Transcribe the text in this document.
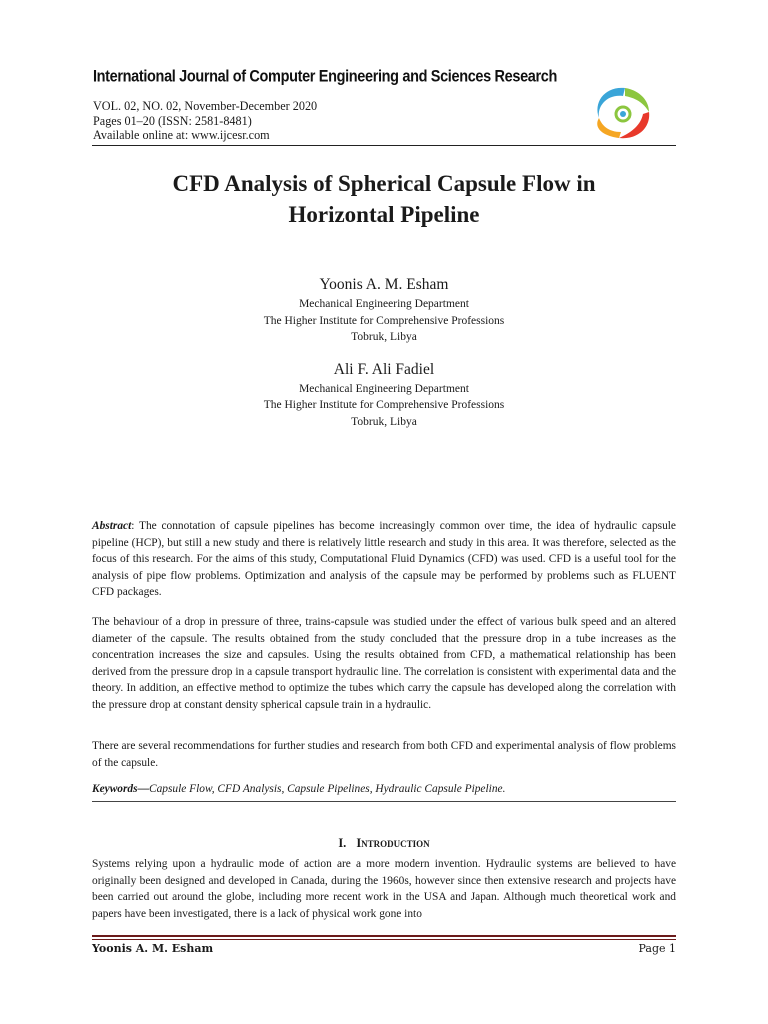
International Journal of Computer Engineering and Sciences Research
VOL. 02, NO. 02, November-December 2020
Pages 01‒20 (ISSN: 2581-8481)
Available online at: www.ijcesr.com
CFD Analysis of Spherical Capsule Flow in
Horizontal Pipeline
Yoonis A. M. Esham
Mechanical Engineering Department
The Higher Institute for Comprehensive Professions
Tobruk, Libya
Ali F. Ali Fadiel
Mechanical Engineering Department
The Higher Institute for Comprehensive Professions
Tobruk, Libya
Abstract: The connotation of capsule pipelines has become increasingly common over time, the idea of hydraulic capsule pipeline (HCP), but still a new study and there is relatively little research and study in this area. It was therefore, selected as the focus of this research. For the aims of this study, Computational Fluid Dynamics (CFD) was used. CFD is a useful tool for the analysis of pipe flow problems. Optimization and analysis of the capsule may be performed by problems such as FLUENT CFD packages.
The behaviour of a drop in pressure of three, trains-capsule was studied under the effect of various bulk speed and an altered diameter of the capsule. The results obtained from the study concluded that the pressure drop in a tube increases as the concentration increases the size and capsules. Using the results obtained from CFD, a mathematical relationship has been derived from the pressure drop in a capsule transport hydraulic line. The correlation is consistent with experimental data and the theory. In addition, an effective method to optimize the tubes which carry the capsule has developed along the correlation with the pressure drop at constant density spherical capsule train in a hydraulic.
There are several recommendations for further studies and research from both CFD and experimental analysis of flow problems of the capsule.
Keywords—Capsule Flow, CFD Analysis, Capsule Pipelines, Hydraulic Capsule Pipeline.
I. Introduction
Systems relying upon a hydraulic mode of action are a more modern invention. Hydraulic systems are believed to have originally been designed and developed in Canada, during the 1960s, however since then extensive research and projects have been carried out around the globe, including more recent work in the USA and Japan. Although much theoretical work and papers have been investigated, there is a lack of physical work gone into
Yoonis A. M. Esham	Page 1
